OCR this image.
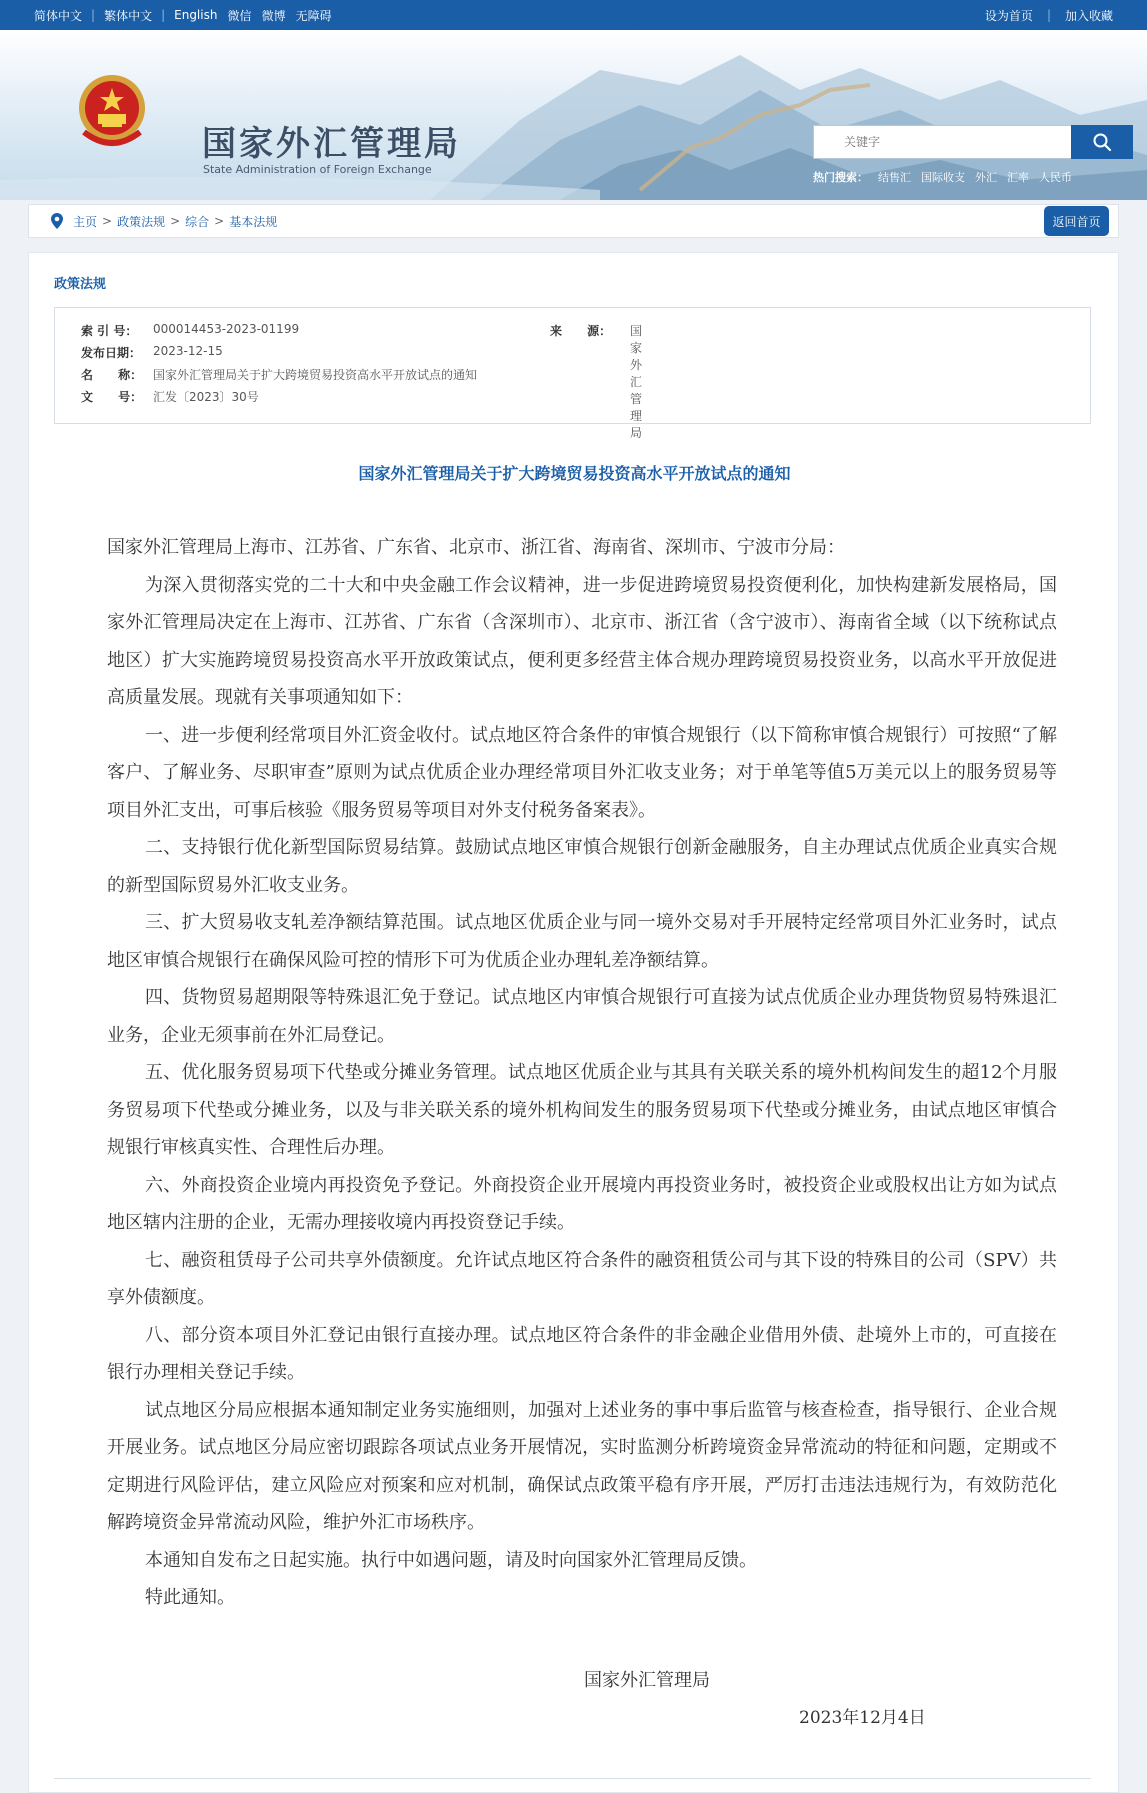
简体中文 | 繁体中文 | English 微信 微博 无障碍	设为首页 | 加入收藏
国家外汇管理局
State Administration of Foreign Exchange
关键字
热门搜索： 结售汇 国际收支 外汇 汇率 人民币
主页 > 政策法规 > 综合 > 基本法规	返回首页
政策法规
索 引 号：	000014453-2023-01199	来      源： 国家外汇管理局
发布日期： 2023-12-15
名      称： 国家外汇管理局关于扩大跨境贸易投资高水平开放试点的通知
文      号： 汇发〔2023〕30号
国家外汇管理局关于扩大跨境贸易投资高水平开放试点的通知

国家外汇管理局上海市、江苏省、广东省、北京市、浙江省、海南省、深圳市、宁波市分局：

为深入贯彻落实党的二十大和中央金融工作会议精神，进一步促进跨境贸易投资便利化，加快构建新发展格局，国家外汇管理局决定在上海市、江苏省、广东省（含深圳市）、北京市、浙江省（含宁波市）、海南省全域（以下统称试点地区）扩大实施跨境贸易投资高水平开放政策试点，便利更多经营主体合规办理跨境贸易投资业务，以高水平开放促进高质量发展。现就有关事项通知如下：

一、进一步便利经常项目外汇资金收付。试点地区符合条件的审慎合规银行（以下简称审慎合规银行）可按照“了解客户、了解业务、尽职审查”原则为试点优质企业办理经常项目外汇收支业务；对于单笔等值5万美元以上的服务贸易等项目外汇支出，可事后核验《服务贸易等项目对外支付税务备案表》。

二、支持银行优化新型国际贸易结算。鼓励试点地区审慎合规银行创新金融服务，自主办理试点优质企业真实合规的新型国际贸易外汇收支业务。

三、扩大贸易收支轧差净额结算范围。试点地区优质企业与同一境外交易对手开展特定经常项目外汇业务时，试点地区审慎合规银行在确保风险可控的情形下可为优质企业办理轧差净额结算。

四、货物贸易超期限等特殊退汇免于登记。试点地区内审慎合规银行可直接为试点优质企业办理货物贸易特殊退汇业务，企业无须事前在外汇局登记。

五、优化服务贸易项下代垫或分摊业务管理。试点地区优质企业与其具有关联关系的境外机构间发生的超12个月服务贸易项下代垫或分摊业务，以及与非关联关系的境外机构间发生的服务贸易项下代垫或分摊业务，由试点地区审慎合规银行审核真实性、合理性后办理。

六、外商投资企业境内再投资免予登记。外商投资企业开展境内再投资业务时，被投资企业或股权出让方如为试点地区辖内注册的企业，无需办理接收境内再投资登记手续。

七、融资租赁母子公司共享外债额度。允许试点地区符合条件的融资租赁公司与其下设的特殊目的公司（SPV）共享外债额度。

八、部分资本项目外汇登记由银行直接办理。试点地区符合条件的非金融企业借用外债、赴境外上市的，可直接在银行办理相关登记手续。

试点地区分局应根据本通知制定业务实施细则，加强对上述业务的事中事后监管与核查检查，指导银行、企业合规开展业务。试点地区分局应密切跟踪各项试点业务开展情况，实时监测分析跨境资金异常流动的特征和问题，定期或不定期进行风险评估，建立风险应对预案和应对机制，确保试点政策平稳有序开展，严厉打击违法违规行为，有效防范化解跨境资金异常流动风险，维护外汇市场秩序。

本通知自发布之日起实施。执行中如遇问题，请及时向国家外汇管理局反馈。

特此通知。

国家外汇管理局
2023年12月4日
